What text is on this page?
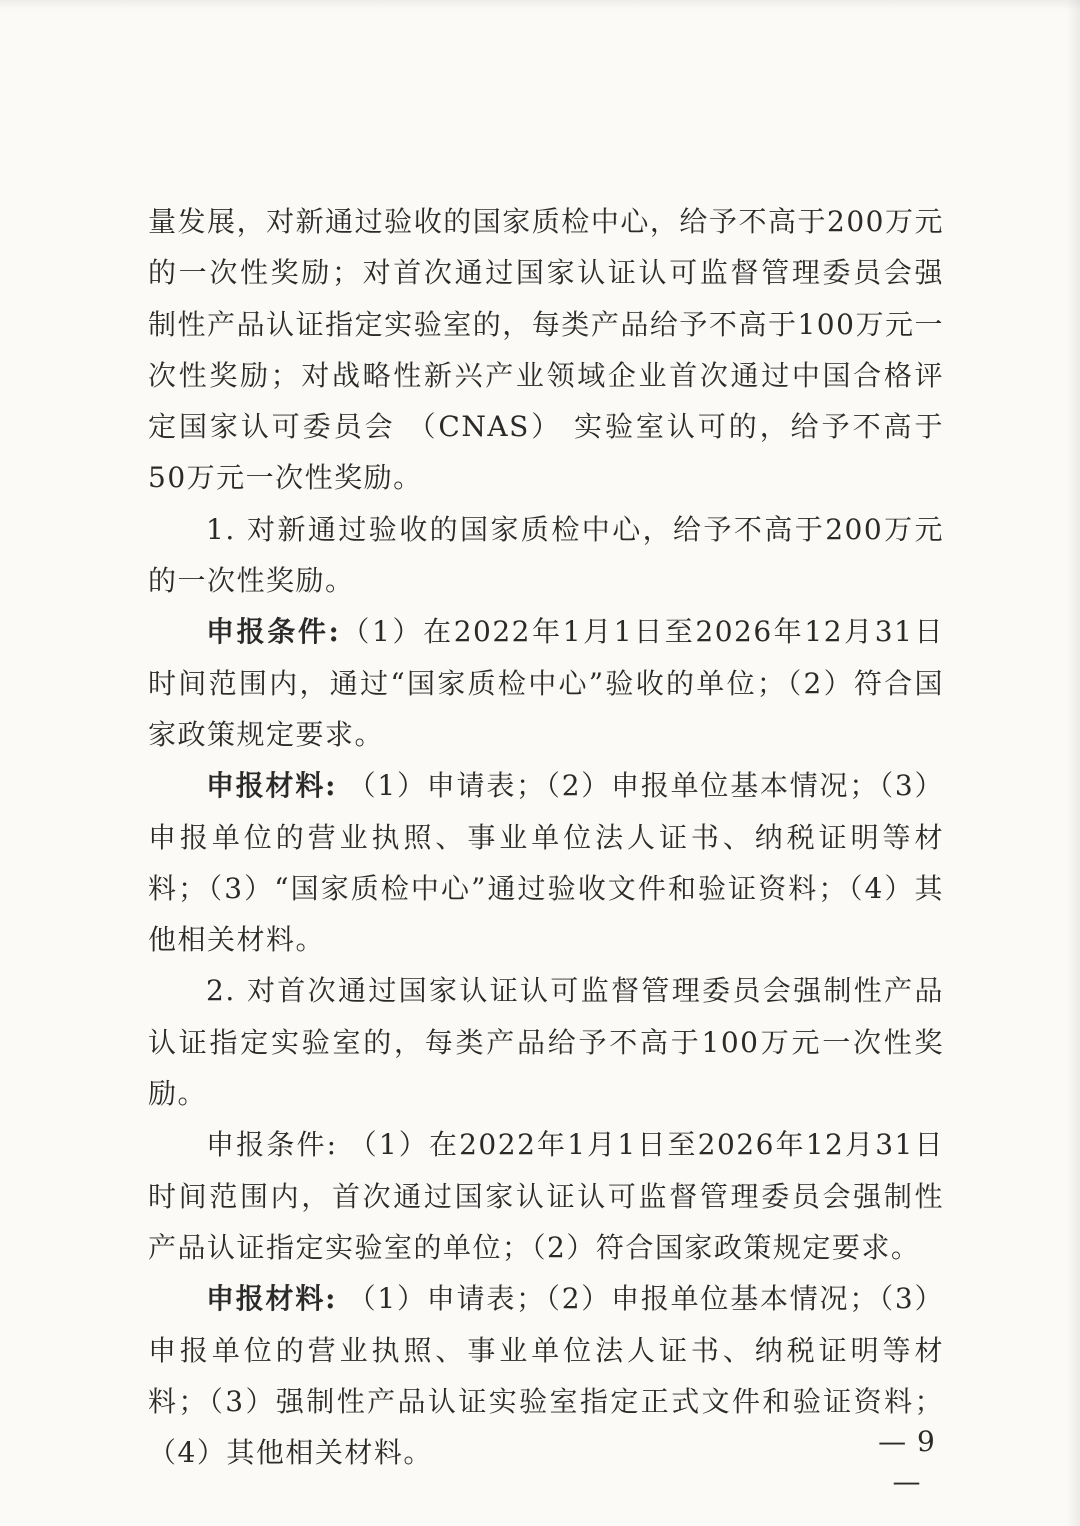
量发展，对新通过验收的国家质检中心，给予不高于200万元的一次性奖励；对首次通过国家认证认可监督管理委员会强制性产品认证指定实验室的，每类产品给予不高于100万元一次性奖励；对战略性新兴产业领域企业首次通过中国合格评定国家认可委员会 （CNAS） 实验室认可的，给予不高于50万元一次性奖励。

1. 对新通过验收的国家质检中心，给予不高于200万元的一次性奖励。

申报条件:（1）在2022年1月1日至2026年12月31日时间范围内，通过“国家质检中心”验收的单位；（2）符合国家政策规定要求。

申报材料: （1）申请表；（2）申报单位基本情况；（3）申报单位的营业执照、事业单位法人证书、纳税证明等材料；（3）“国家质检中心”通过验收文件和验证资料；（4）其他相关材料。

2. 对首次通过国家认证认可监督管理委员会强制性产品认证指定实验室的，每类产品给予不高于100万元一次性奖励。

申报条件: （1）在2022年1月1日至2026年12月31日时间范围内，首次通过国家认证认可监督管理委员会强制性产品认证指定实验室的单位；（2）符合国家政策规定要求。

申报材料: （1）申请表；（2）申报单位基本情况；（3）申报单位的营业执照、事业单位法人证书、纳税证明等材料；（3）强制性产品认证实验室指定正式文件和验证资料；（4）其他相关材料。	— 9 —
